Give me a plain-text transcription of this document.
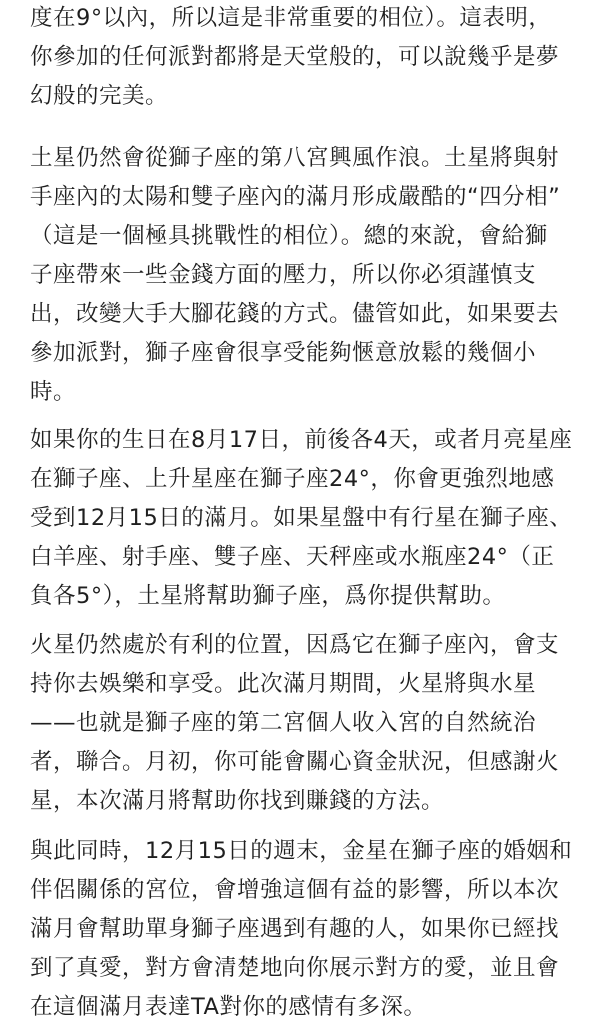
度在9°以內，所以這是非常重要的相位）。這表明，
你參加的任何派對都將是天堂般的，可以說幾乎是夢
幻般的完美。

土星仍然會從獅子座的第八宮興風作浪。土星將與射
手座內的太陽和雙子座內的滿月形成嚴酷的“四分相”
（這是一個極具挑戰性的相位）。總的來說，會給獅
子座帶來一些金錢方面的壓力，所以你必須謹慎支
出，改變大手大腳花錢的方式。儘管如此，如果要去
參加派對，獅子座會很享受能夠愜意放鬆的幾個小
時。

如果你的生日在8月17日，前後各4天，或者月亮星座
在獅子座、上升星座在獅子座24°，你會更強烈地感
受到12月15日的滿月。如果星盤中有行星在獅子座、
白羊座、射手座、雙子座、天秤座或水瓶座24°（正
負各5°），土星將幫助獅子座，爲你提供幫助。

火星仍然處於有利的位置，因爲它在獅子座內，會支
持你去娛樂和享受。此次滿月期間，火星將與水星
——也就是獅子座的第二宮個人收入宮的自然統治
者，聯合。月初，你可能會關心資金狀況，但感謝火
星，本次滿月將幫助你找到賺錢的方法。

與此同時，12月15日的週末，金星在獅子座的婚姻和
伴侶關係的宮位，會增強這個有益的影響，所以本次
滿月會幫助單身獅子座遇到有趣的人，如果你已經找
到了真愛，對方會清楚地向你展示對方的愛，並且會
在這個滿月表達TA對你的感情有多深。
